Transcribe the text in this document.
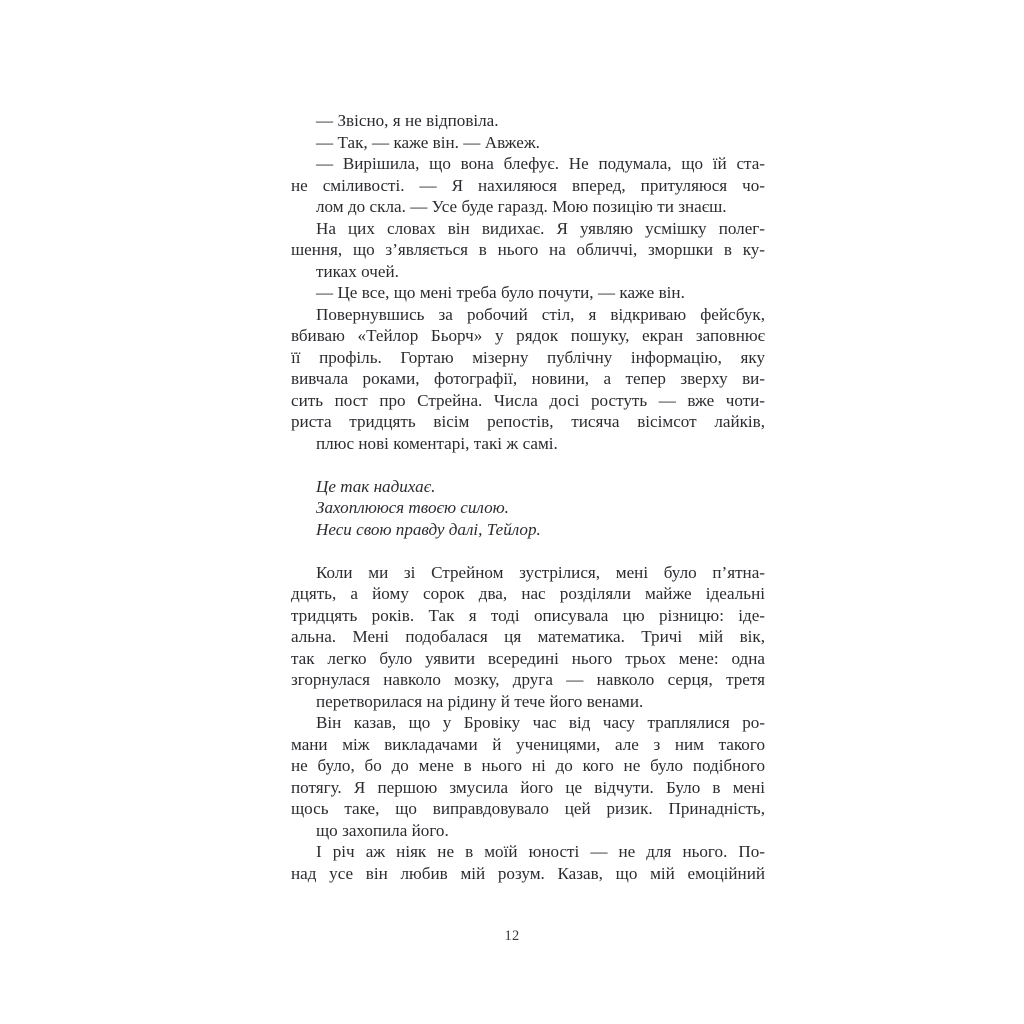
— Звісно, я не відповіла.

— Так, — каже він. — Авжеж.

— Вирішила, що вона блефує. Не подумала, що їй ста-
не сміливості. — Я нахиляюся вперед, притуляюся чо-
лом до скла. — Усе буде гаразд. Мою позицію ти знаєш.

На цих словах він видихає. Я уявляю усмішку полег-
шення, що з’являється в нього на обличчі, зморшки в ку-
тиках очей.

— Це все, що мені треба було почути, — каже він.

Повернувшись за робочий стіл, я відкриваю фейсбук,
вбиваю «Тейлор Бьорч» у рядок пошуку, екран заповнює
її профіль. Гортаю мізерну публічну інформацію, яку
вивчала роками, фотографії, новини, а тепер зверху ви-
сить пост про Стрейна. Числа досі ростуть — вже чоти-
риста тридцять вісім репостів, тисяча вісімсот лайків,
плюс нові коментарі, такі ж самі.

Це так надихає.
Захоплююся твоєю силою.
Неси свою правду далі, Тейлор.

Коли ми зі Стрейном зустрілися, мені було п’ятна-
дцять, а йому сорок два, нас розділяли майже ідеальні
тридцять років. Так я тоді описувала цю різницю: іде-
альна. Мені подобалася ця математика. Тричі мій вік,
так легко було уявити всередині нього трьох мене: одна
згорнулася навколо мозку, друга — навколо серця, третя
перетворилася на рідину й тече його венами.

Він казав, що у Бровіку час від часу траплялися ро-
мани між викладачами й ученицями, але з ним такого
не було, бо до мене в нього ні до кого не було подібного
потягу. Я першою змусила його це відчути. Було в мені
щось таке, що виправдовувало цей ризик. Принадність,
що захопила його.

І річ аж ніяк не в моїй юності — не для нього. По-
над усе він любив мій розум. Казав, що мій емоційний

12
